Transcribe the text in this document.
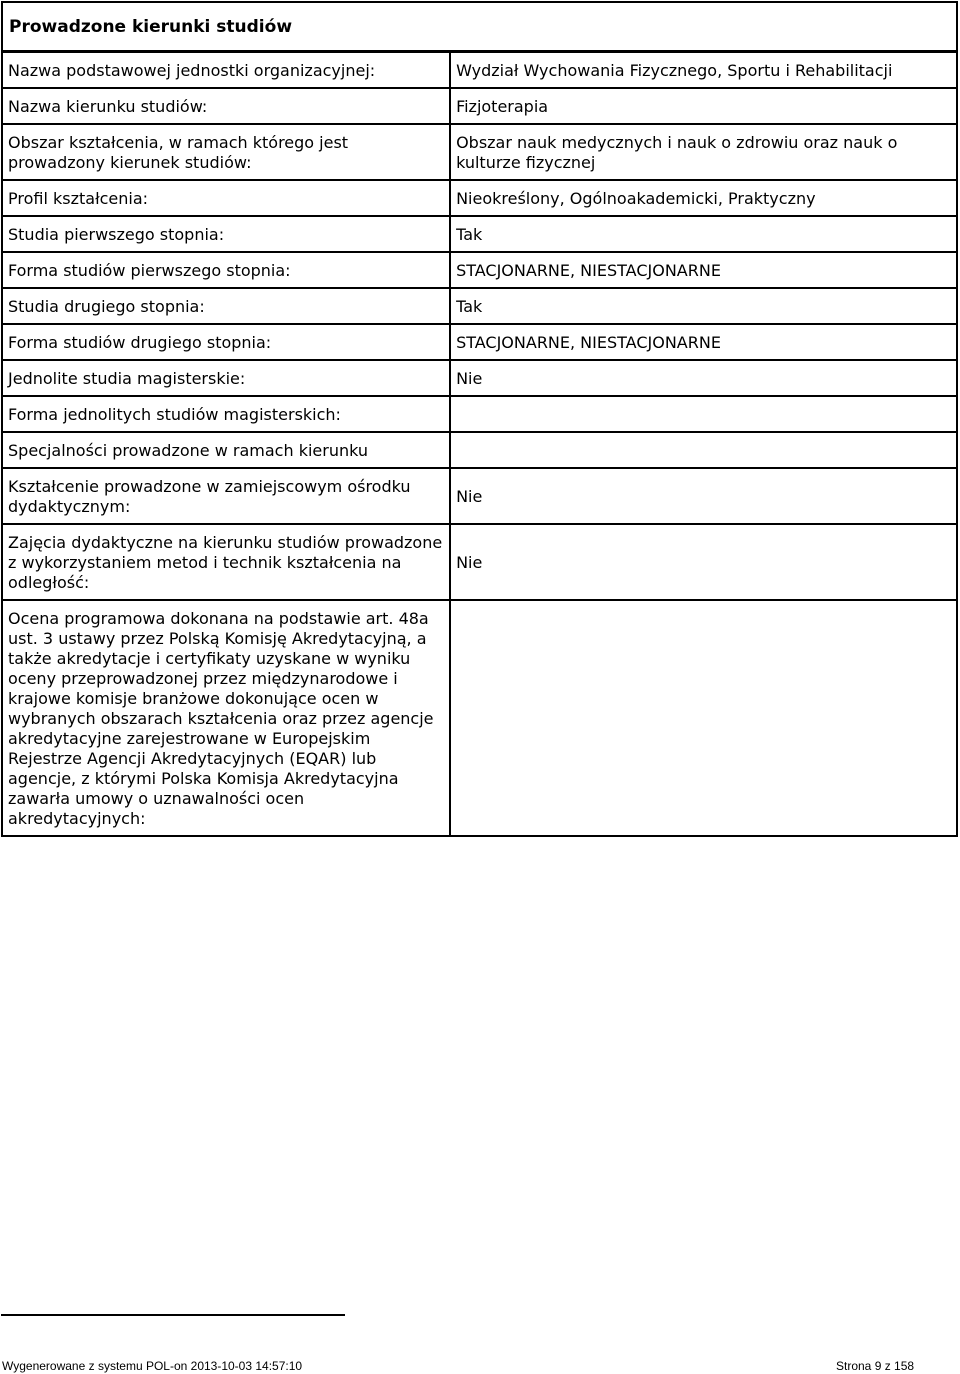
Prowadzone kierunki studiów
Nazwa podstawowej jednostki organizacyjnej:	Wydział Wychowania Fizycznego, Sportu i Rehabilitacji
Nazwa kierunku studiów:	Fizjoterapia
Obszar kształcenia, w ramach którego jest prowadzony kierunek studiów:	Obszar nauk medycznych i nauk o zdrowiu oraz nauk o kulturze fizycznej
Profil kształcenia:	Nieokreślony, Ogólnoakademicki, Praktyczny
Studia pierwszego stopnia:	Tak
Forma studiów pierwszego stopnia:	STACJONARNE, NIESTACJONARNE
Studia drugiego stopnia:	Tak
Forma studiów drugiego stopnia:	STACJONARNE, NIESTACJONARNE
Jednolite studia magisterskie:	Nie
Forma jednolitych studiów magisterskich:	
Specjalności prowadzone w ramach kierunku	
Kształcenie prowadzone w zamiejscowym ośrodku dydaktycznym:	Nie
Zajęcia dydaktyczne na kierunku studiów prowadzone z wykorzystaniem metod i technik kształcenia na odległość:	Nie
Ocena programowa dokonana na podstawie art. 48a ust. 3 ustawy przez Polską Komisję Akredytacyjną, a także akredytacje i certyfikaty uzyskane w wyniku oceny przeprowadzonej przez międzynarodowe i krajowe komisje branżowe dokonujące ocen w wybranych obszarach kształcenia oraz przez agencje akredytacyjne zarejestrowane w Europejskim Rejestrze Agencji Akredytacyjnych (EQAR) lub agencje, z którymi Polska Komisja Akredytacyjna zawarła umowy o uznawalności ocen akredytacyjnych:	
Wygenerowane z systemu POL-on 2013-10-03 14:57:10	Strona 9 z 158
